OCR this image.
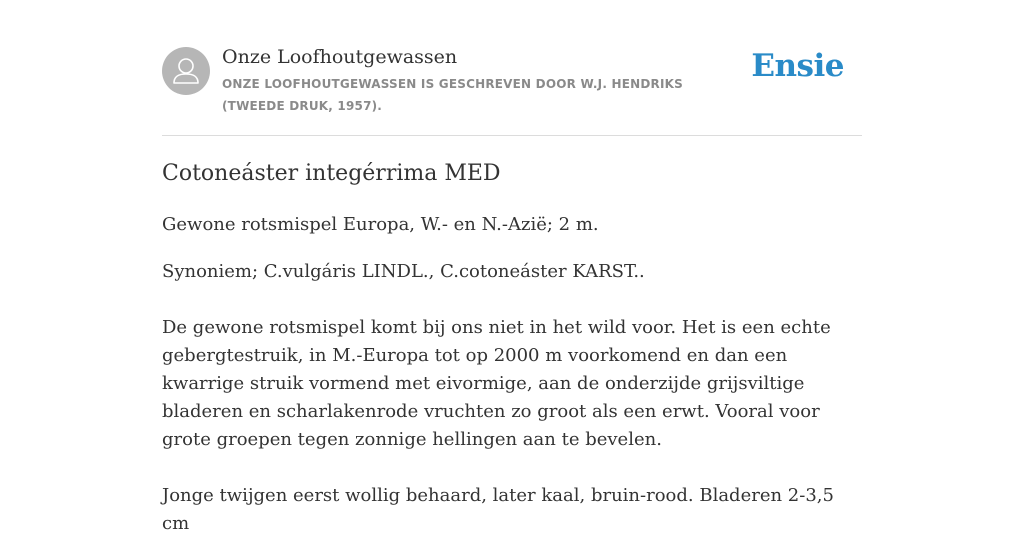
Onze Loofhoutgewassen
ONZE LOOFHOUTGEWASSEN IS GESCHREVEN DOOR W.J. HENDRIKS (TWEEDE DRUK, 1957).
Ensie
Cotoneáster integérrima MED

Gewone rotsmispel Europa, W.- en N.-Azië; 2 m.

Synoniem; C.vulgáris LINDL., C.cotoneáster KARST..

De gewone rotsmispel komt bij ons niet in het wild voor. Het is een echte gebergtestruik, in M.-Europa tot op 2000 m voorkomend en dan een kwarrige struik vormend met eivormige, aan de onderzijde grijsviltige bladeren en scharlakenrode vruchten zo groot als een erwt. Vooral voor grote groepen tegen zonnige hellingen aan te bevelen.

Jonge twijgen eerst wollig behaard, later kaal, bruin-rood. Bladeren 2-3,5 cm
